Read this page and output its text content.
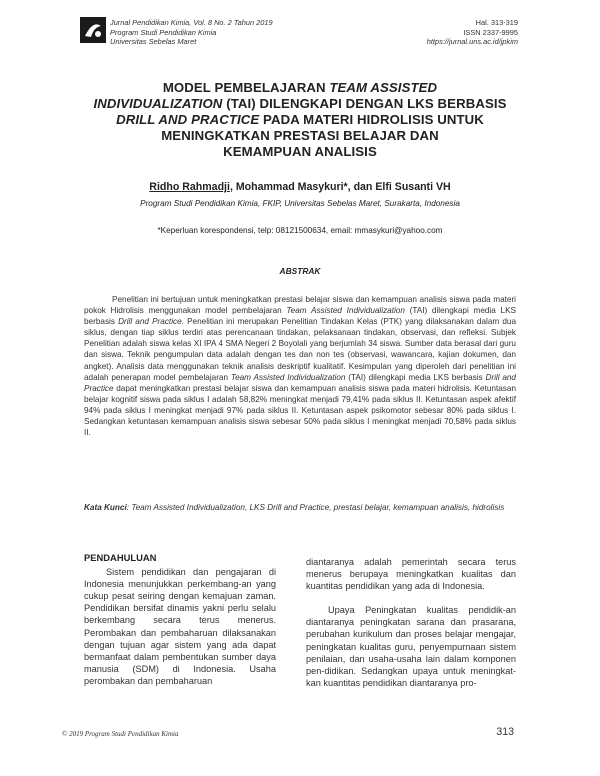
Jurnal Pendidikan Kimia, Vol. 8 No. 2 Tahun 2019
Program Studi Pendidikan Kimia
Universitas Sebelas Maret
Hal. 313-319
ISSN 2337-9995
https://jurnal.uns.ac.id/jpkim
MODEL PEMBELAJARAN TEAM ASSISTED
INDIVIDUALIZATION (TAI) DILENGKAPI DENGAN LKS BERBASIS
DRILL AND PRACTICE PADA MATERI HIDROLISIS UNTUK
MENINGKATKAN PRESTASI BELAJAR DAN
KEMAMPUAN ANALISIS
Ridho Rahmadji, Mohammad Masykuri*, dan Elfi Susanti VH
Program Studi Pendidikan Kimia, FKIP, Universitas Sebelas Maret, Surakarta, Indonesia
*Keperluan korespondensi, telp: 08121500634, email: mmasykuri@yahoo.com
ABSTRAK

Penelitian ini bertujuan untuk meningkatkan prestasi belajar siswa dan kemampuan analisis siswa pada materi pokok Hidrolisis menggunakan model pembelajaran Team Assisted Individualization (TAI) dilengkapi media LKS berbasis Drill and Practice. Penelitian ini merupakan Penelitian Tindakan Kelas (PTK) yang dilaksanakan dalam dua siklus, dengan tiap siklus terdiri atas perencanaan tindakan, pelaksanaan tindakan, observasi, dan refleksi. Subjek Penelitian adalah siswa kelas XI IPA 4 SMA Negeri 2 Boyolali yang berjumlah 34 siswa. Sumber data berasal dari guru dan siswa. Teknik pengumpulan data adalah dengan tes dan non tes (observasi, wawancara, kajian dokumen, dan angket). Analisis data menggunakan teknik analisis deskriptif kualitatif. Kesimpulan yang diperoleh dari penelitian ini adalah penerapan model pembelajaran Team Assisted Individualization (TAI) dilengkapi media LKS berbasis Drill and Practice dapat meningkatkan prestasi belajar siswa dan kemampuan analisis siswa pada materi hidrolisis. Ketuntasan belajar kognitif siswa pada siklus I adalah 58,82% meningkat menjadi 79,41% pada siklus II. Ketuntasan aspek afektif 94% pada siklus I meningkat menjadi 97% pada siklus II. Ketuntasan aspek psikomotor sebesar 80% pada siklus I. Sedangkan ketuntasan kemampuan analisis siswa sebesar 50% pada siklus I meningkat menjadi 70,58% pada siklus II.

Kata Kunci: Team Assisted Individualization, LKS Drill and Practice, prestasi belajar, kemampuan analisis, hidrolisis

PENDAHULUAN

Sistem pendidikan dan pengajaran di Indonesia menunjukkan perkembang-an yang cukup pesat seiring dengan kemajuan zaman. Pendidikan bersifat dinamis yakni perlu selalu berkembang secara terus menerus. Perombakan dan pembaharuan dilaksanakan dengan tujuan agar sistem yang ada dapat bermanfaat dalam pembentukan sumber daya manusia (SDM) di Indonesia. Usaha perombakan dan pembaharuan

diantaranya adalah pemerintah secara terus menerus berupaya meningkatkan kualitas dan kuantitas pendidikan yang ada di Indonesia.

Upaya Peningkatan kualitas pendidik-an diantaranya peningkatan sarana dan prasarana, perubahan kurikulum dan proses belajar mengajar, peningkatan kualitas guru, penyempurnaan sistem penilaian, dan usaha-usaha lain dalam komponen pen-didikan. Sedangkan upaya untuk meningkat-kan kuantitas pendidikan diantaranya pro-

© 2019 Program Studi Pendidikan Kimia	313
